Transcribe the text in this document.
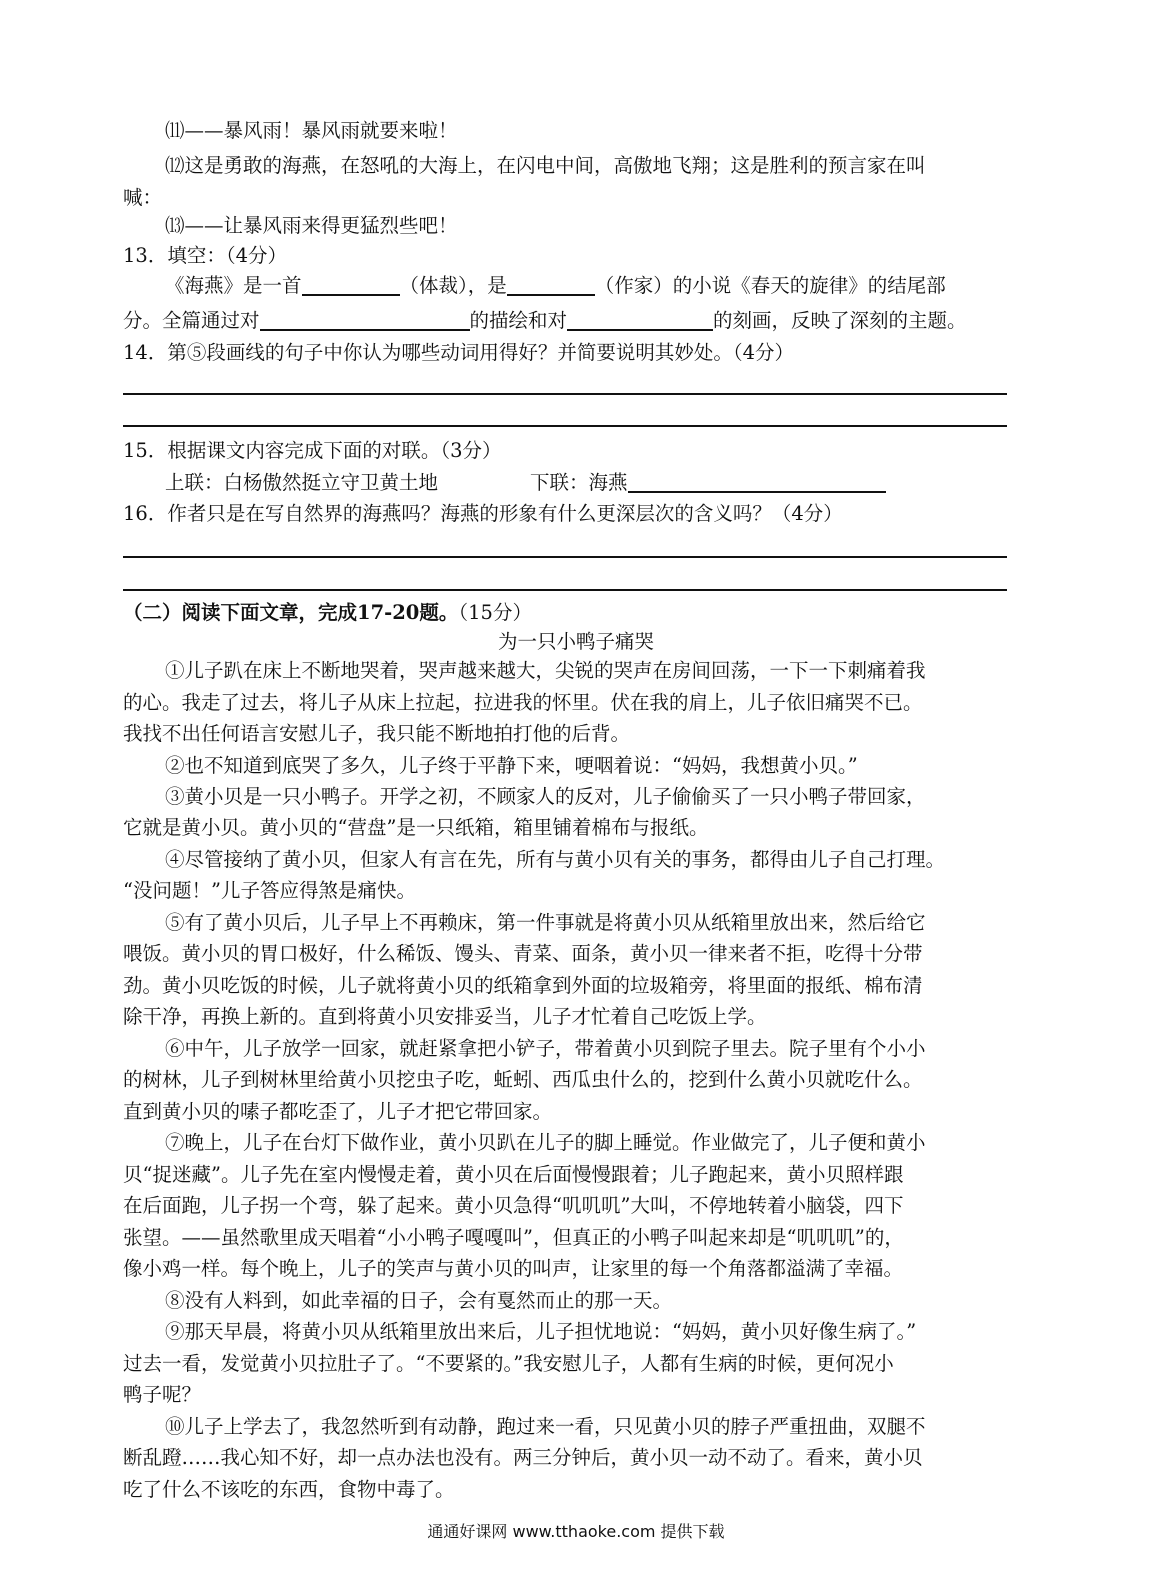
⑾——暴风雨！暴风雨就要来啦！
⑿这是勇敢的海燕，在怒吼的大海上，在闪电中间，高傲地飞翔；这是胜利的预言家在叫
喊：
⒀——让暴风雨来得更猛烈些吧！
13．填空：（4分）
《海燕》是一首	（体裁），是	（作家）的小说《春天的旋律》的结尾部
分。全篇通过对	的描绘和对	的刻画，反映了深刻的主题。
14．第⑤段画线的句子中你认为哪些动词用得好？并简要说明其妙处。（4分）
15．根据课文内容完成下面的对联。（3分）
上联：白杨傲然挺立守卫黄土地	下联：海燕
16．作者只是在写自然界的海燕吗？海燕的形象有什么更深层次的含义吗？（4分）
（二）阅读下面文章，完成17-20题。（15分）
为一只小鸭子痛哭
①儿子趴在床上不断地哭着，哭声越来越大，尖锐的哭声在房间回荡，一下一下刺痛着我
的心。我走了过去，将儿子从床上拉起，拉进我的怀里。伏在我的肩上，儿子依旧痛哭不已。
我找不出任何语言安慰儿子，我只能不断地拍打他的后背。
②也不知道到底哭了多久，儿子终于平静下来，哽咽着说：“妈妈，我想黄小贝。”
③黄小贝是一只小鸭子。开学之初，不顾家人的反对，儿子偷偷买了一只小鸭子带回家，
它就是黄小贝。黄小贝的“营盘”是一只纸箱，箱里铺着棉布与报纸。
④尽管接纳了黄小贝，但家人有言在先，所有与黄小贝有关的事务，都得由儿子自己打理。
“没问题！”儿子答应得煞是痛快。
⑤有了黄小贝后，儿子早上不再赖床，第一件事就是将黄小贝从纸箱里放出来，然后给它
喂饭。黄小贝的胃口极好，什么稀饭、馒头、青菜、面条，黄小贝一律来者不拒，吃得十分带
劲。黄小贝吃饭的时候，儿子就将黄小贝的纸箱拿到外面的垃圾箱旁，将里面的报纸、棉布清
除干净，再换上新的。直到将黄小贝安排妥当，儿子才忙着自己吃饭上学。
⑥中午，儿子放学一回家，就赶紧拿把小铲子，带着黄小贝到院子里去。院子里有个小小
的树林，儿子到树林里给黄小贝挖虫子吃，蚯蚓、西瓜虫什么的，挖到什么黄小贝就吃什么。
直到黄小贝的嗉子都吃歪了，儿子才把它带回家。
⑦晚上，儿子在台灯下做作业，黄小贝趴在儿子的脚上睡觉。作业做完了，儿子便和黄小
贝“捉迷藏”。儿子先在室内慢慢走着，黄小贝在后面慢慢跟着；儿子跑起来，黄小贝照样跟
在后面跑，儿子拐一个弯，躲了起来。黄小贝急得“叽叽叽”大叫，不停地转着小脑袋，四下
张望。——虽然歌里成天唱着“小小鸭子嘎嘎叫”，但真正的小鸭子叫起来却是“叽叽叽”的，
像小鸡一样。每个晚上，儿子的笑声与黄小贝的叫声，让家里的每一个角落都溢满了幸福。
⑧没有人料到，如此幸福的日子，会有戛然而止的那一天。
⑨那天早晨，将黄小贝从纸箱里放出来后，儿子担忧地说：“妈妈，黄小贝好像生病了。”
过去一看，发觉黄小贝拉肚子了。“不要紧的。”我安慰儿子，人都有生病的时候，更何况小
鸭子呢？
⑩儿子上学去了，我忽然听到有动静，跑过来一看，只见黄小贝的脖子严重扭曲，双腿不
断乱蹬……我心知不好，却一点办法也没有。两三分钟后，黄小贝一动不动了。看来，黄小贝
吃了什么不该吃的东西，食物中毒了。
通通好课网 www.tthaoke.com 提供下载
